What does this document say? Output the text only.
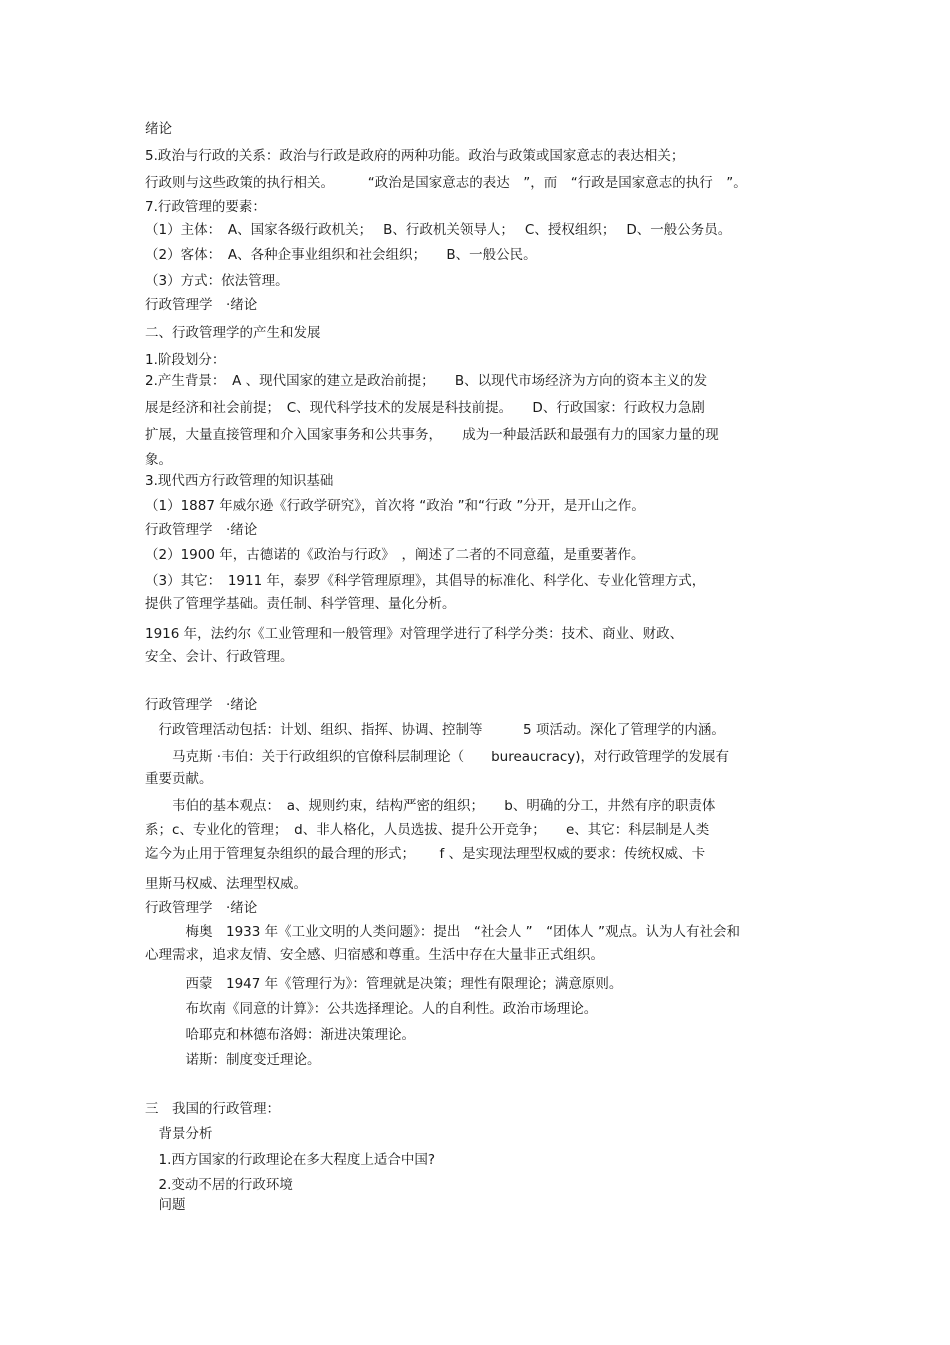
绪论
5.政治与行政的关系：政治与行政是政府的两种功能。政治与政策或国家意志的表达相关；
行政则与这些政策的执行相关。　　　“政治是国家意志的表达　”，而　“行政是国家意志的执行　”。
7.行政管理的要素：
（1）主体：　A、国家各级行政机关；　 B、行政机关领导人；　 C、授权组织；　 D、一般公务员。
（2）客体：　A、各种企事业组织和社会组织；　　B、一般公民。
（3）方式：依法管理。
行政管理学　·绪论
二、行政管理学的产生和发展
1.阶段划分：
2.产生背景：　A 、现代国家的建立是政治前提；　　B、以现代市场经济为方向的资本主义的发
展是经济和社会前提；　C、现代科学技术的发展是科技前提。　　D、行政国家：行政权力急剧
扩展，大量直接管理和介入国家事务和公共事务，　　成为一种最活跃和最强有力的国家力量的现
象。
3.现代西方行政管理的知识基础
（1）1887 年威尔逊《行政学研究》，首次将 “政治 ”和“行政 ”分开，是开山之作。
行政管理学　·绪论
（2）1900 年，古德诺的《政治与行政》　，阐述了二者的不同意蕴，是重要著作。
（3）其它：　1911 年，泰罗《科学管理原理》，其倡导的标准化、科学化、专业化管理方式，
提供了管理学基础。责任制、科学管理、量化分析。
1916 年，法约尔《工业管理和一般管理》对管理学进行了科学分类：技术、商业、财政、
安全、会计、行政管理。
行政管理学　·绪论
　行政管理活动包括：计划、组织、指挥、协调、控制等　　　5 项活动。深化了管理学的内涵。
　　马克斯 ·韦伯：关于行政组织的官僚科层制理论（　　bureaucracy)，对行政管理学的发展有
重要贡献。
　　韦伯的基本观点：　a、规则约束，结构严密的组织；　　b、明确的分工，井然有序的职责体
系；c、专业化的管理；　d、非人格化，人员选拔、提升公开竞争；　　e、其它：科层制是人类
迄今为止用于管理复杂组织的最合理的形式；　　 f 、是实现法理型权威的要求：传统权威、卡
里斯马权威、法理型权威。
行政管理学　·绪论
　　　梅奥　1933 年《工业文明的人类问题》：提出　“社会人 ”　“团体人 ”观点。认为人有社会和
心理需求，追求友情、安全感、归宿感和尊重。生活中存在大量非正式组织。
　　　西蒙　1947 年《管理行为》：管理就是决策；理性有限理论；满意原则。
　　　布坎南《同意的计算》：公共选择理论。人的自利性。政治市场理论。
　　　哈耶克和林德布洛姆：渐进决策理论。
　　　诺斯：制度变迁理论。
三　我国的行政管理：
　背景分析
　1.西方国家的行政理论在多大程度上适合中国?
　2.变动不居的行政环境
　问题
